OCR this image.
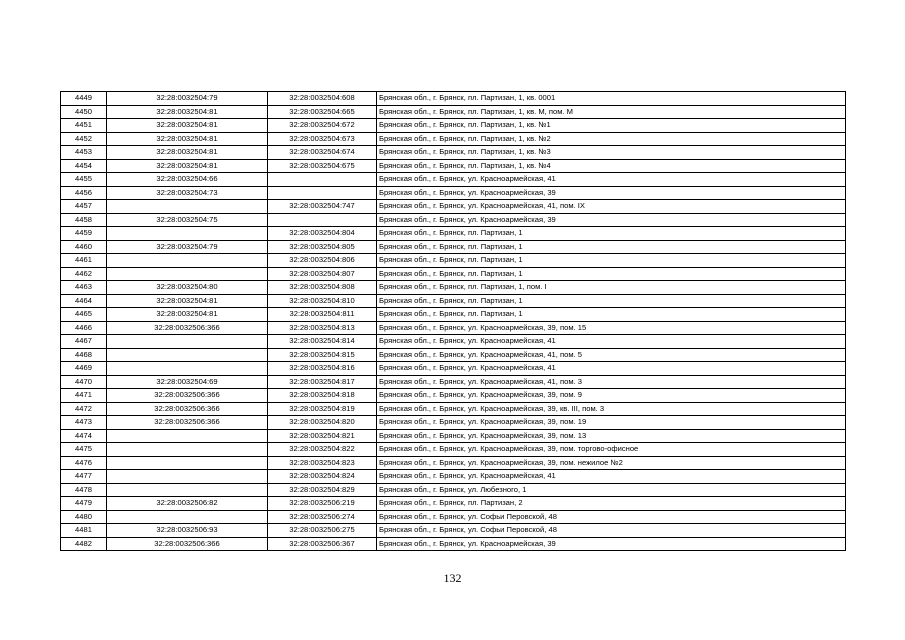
4449	32:28:0032504:79	32:28:0032504:608	Брянская обл., г. Брянск, пл. Партизан, 1, кв. 0001
4450	32:28:0032504:81	32:28:0032504:665	Брянская обл., г. Брянск, пл. Партизан, 1, кв. М, пом. М
4451	32:28:0032504:81	32:28:0032504:672	Брянская обл., г. Брянск, пл. Партизан, 1, кв. №1
4452	32:28:0032504:81	32:28:0032504:673	Брянская обл., г. Брянск, пл. Партизан, 1, кв. №2
4453	32:28:0032504:81	32:28:0032504:674	Брянская обл., г. Брянск, пл. Партизан, 1, кв. №3
4454	32:28:0032504:81	32:28:0032504:675	Брянская обл., г. Брянск, пл. Партизан, 1, кв. №4
4455	32:28:0032504:66		Брянская обл., г. Брянск, ул. Красноармейская, 41
4456	32:28:0032504:73		Брянская обл., г. Брянск, ул. Красноармейская, 39
4457		32:28:0032504:747	Брянская обл., г. Брянск, ул. Красноармейская, 41, пом. IX
4458	32:28:0032504:75		Брянская обл., г. Брянск, ул. Красноармейская, 39
4459		32:28:0032504:804	Брянская обл., г. Брянск, пл. Партизан, 1
4460	32:28:0032504:79	32:28:0032504:805	Брянская обл., г. Брянск, пл. Партизан, 1
4461		32:28:0032504:806	Брянская обл., г. Брянск, пл. Партизан, 1
4462		32:28:0032504:807	Брянская обл., г. Брянск, пл. Партизан, 1
4463	32:28:0032504:80	32:28:0032504:808	Брянская обл., г. Брянск, пл. Партизан, 1, пом. I
4464	32:28:0032504:81	32:28:0032504:810	Брянская обл., г. Брянск, пл. Партизан, 1
4465	32:28:0032504:81	32:28:0032504:811	Брянская обл., г. Брянск, пл. Партизан, 1
4466	32:28:0032506:366	32:28:0032504:813	Брянская обл., г. Брянск, ул. Красноармейская, 39, пом. 15
4467		32:28:0032504:814	Брянская обл., г. Брянск, ул. Красноармейская, 41
4468		32:28:0032504:815	Брянская обл., г. Брянск, ул. Красноармейская, 41, пом. 5
4469		32:28:0032504:816	Брянская обл., г. Брянск, ул. Красноармейская, 41
4470	32:28:0032504:69	32:28:0032504:817	Брянская обл., г. Брянск, ул. Красноармейская, 41, пом. 3
4471	32:28:0032506:366	32:28:0032504:818	Брянская обл., г. Брянск, ул. Красноармейская, 39, пом. 9
4472	32:28:0032506:366	32:28:0032504:819	Брянская обл., г. Брянск, ул. Красноармейская, 39, кв. III, пом. 3
4473	32:28:0032506:366	32:28:0032504:820	Брянская обл., г. Брянск, ул. Красноармейская, 39, пом. 19
4474		32:28:0032504:821	Брянская обл., г. Брянск, ул. Красноармейская, 39, пом. 13
4475		32:28:0032504:822	Брянская обл., г. Брянск, ул. Красноармейская, 39, пом. торгово-офисное
4476		32:28:0032504:823	Брянская обл., г. Брянск, ул. Красноармейская, 39, пом. нежилое №2
4477		32:28:0032504:824	Брянская обл., г. Брянск, ул. Красноармейская, 41
4478		32:28:0032504:829	Брянская обл., г. Брянск, ул. Любезного, 1
4479	32:28:0032506:82	32:28:0032506:219	Брянская обл., г. Брянск, пл. Партизан, 2
4480		32:28:0032506:274	Брянская обл., г. Брянск, ул. Софьи Перовской, 48
4481	32:28:0032506:93	32:28:0032506:275	Брянская обл., г. Брянск, ул. Софьи Перовской, 48
4482	32:28:0032506:366	32:28:0032506:367	Брянская обл., г. Брянск, ул. Красноармейская, 39
132
